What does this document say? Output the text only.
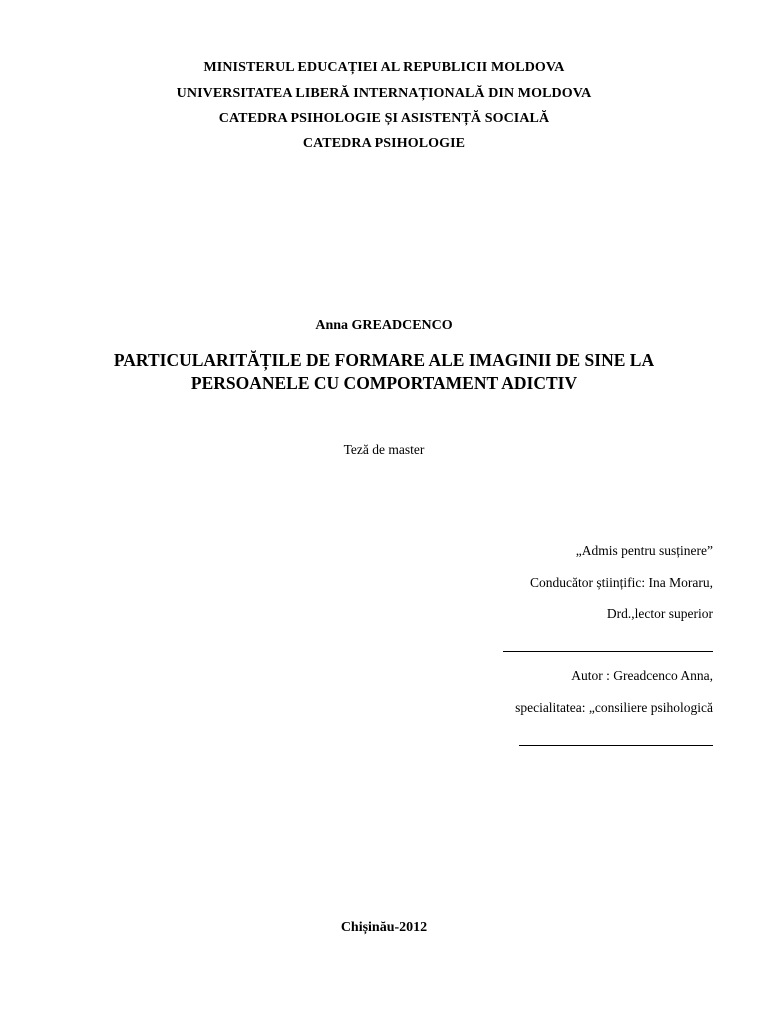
MINISTERUL EDUCAȚIEI AL REPUBLICII MOLDOVA
UNIVERSITATEA LIBERĂ INTERNAȚIONALĂ DIN MOLDOVA
CATEDRA PSIHOLOGIE ȘI ASISTENȚĂ SOCIALĂ
CATEDRA PSIHOLOGIE
Anna GREADCENCO
PARTICULARITĂȚILE DE FORMARE ALE IMAGINII DE SINE LA
PERSOANELE CU COMPORTAMENT ADICTIV
Teză de master
„Admis pentru susținere”
Conducător științific: Ina Moraru,
Drd.,lector superior
Autor : Greadcenco Anna,
specialitatea: „consiliere psihologică
Chișinău-2012
